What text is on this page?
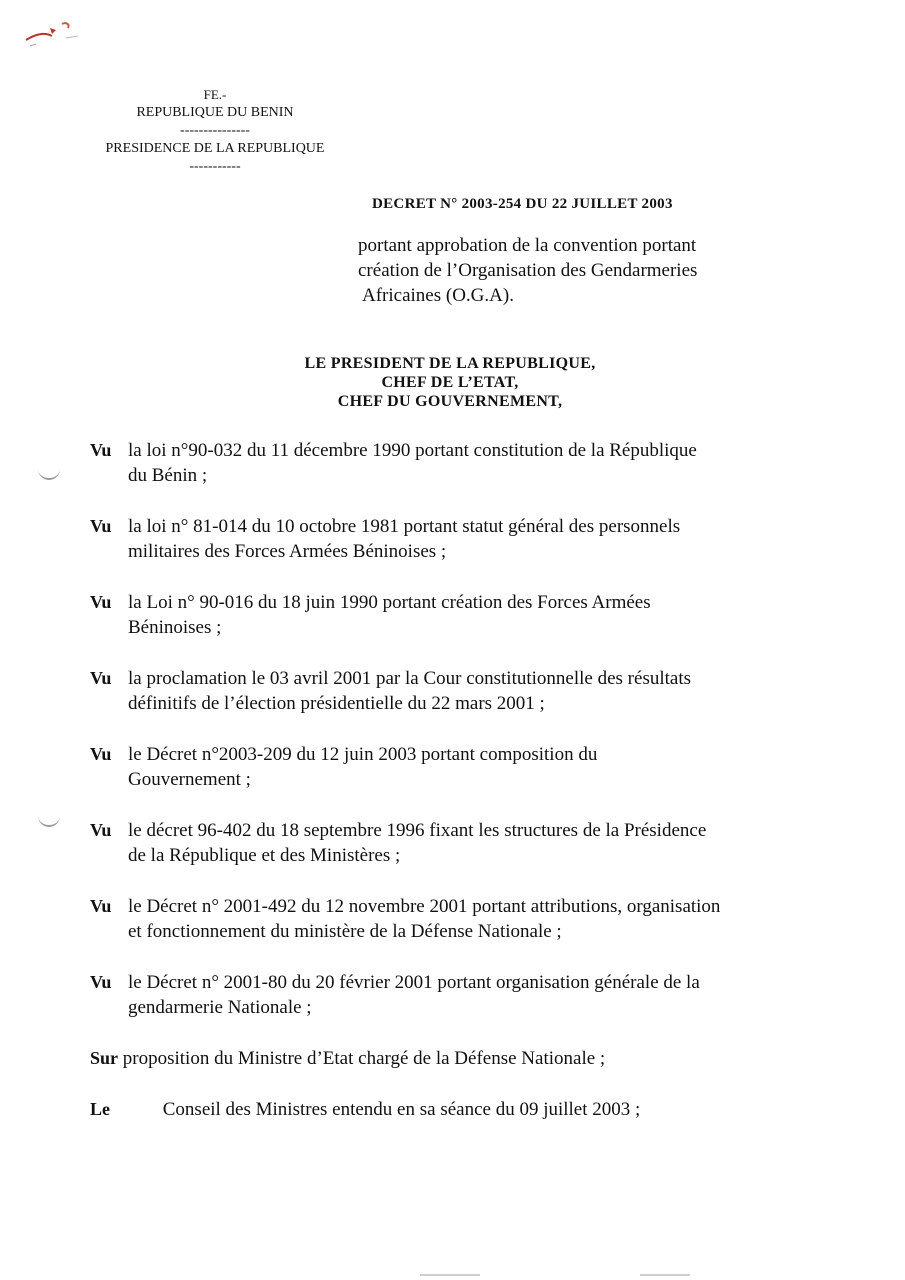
FE.-
REPUBLIQUE DU BENIN
---------------
PRESIDENCE DE LA REPUBLIQUE
-----------
DECRET N° 2003-254 DU 22 JUILLET 2003
portant approbation de la convention portant
création de l’Organisation des Gendarmeries
Africaines (O.G.A).
LE PRESIDENT DE LA REPUBLIQUE,
CHEF DE L’ETAT,
CHEF DU GOUVERNEMENT,
Vu la loi n°90-032 du 11 décembre 1990 portant constitution de la République
du Bénin ;
Vu la loi n° 81-014 du 10 octobre 1981 portant statut général des personnels
militaires des Forces Armées Béninoises ;
Vu la Loi n° 90-016 du 18 juin 1990 portant création des Forces Armées
Béninoises ;
Vu la proclamation le 03 avril 2001 par la Cour constitutionnelle des résultats
définitifs de l’élection présidentielle du 22 mars 2001 ;
Vu le Décret n°2003-209 du 12 juin 2003 portant composition du
Gouvernement ;
Vu le décret 96-402 du 18 septembre 1996 fixant les structures de la Présidence
de la République et des Ministères ;
Vu le Décret n° 2001-492 du 12 novembre 2001 portant attributions, organisation
et fonctionnement du ministère de la Défense Nationale ;
Vu le Décret n° 2001-80 du 20 février 2001 portant organisation générale de la
gendarmerie Nationale ;
Sur proposition du Ministre d’Etat chargé de la Défense Nationale ;
Le	Conseil des Ministres entendu en sa séance du 09 juillet 2003 ;
